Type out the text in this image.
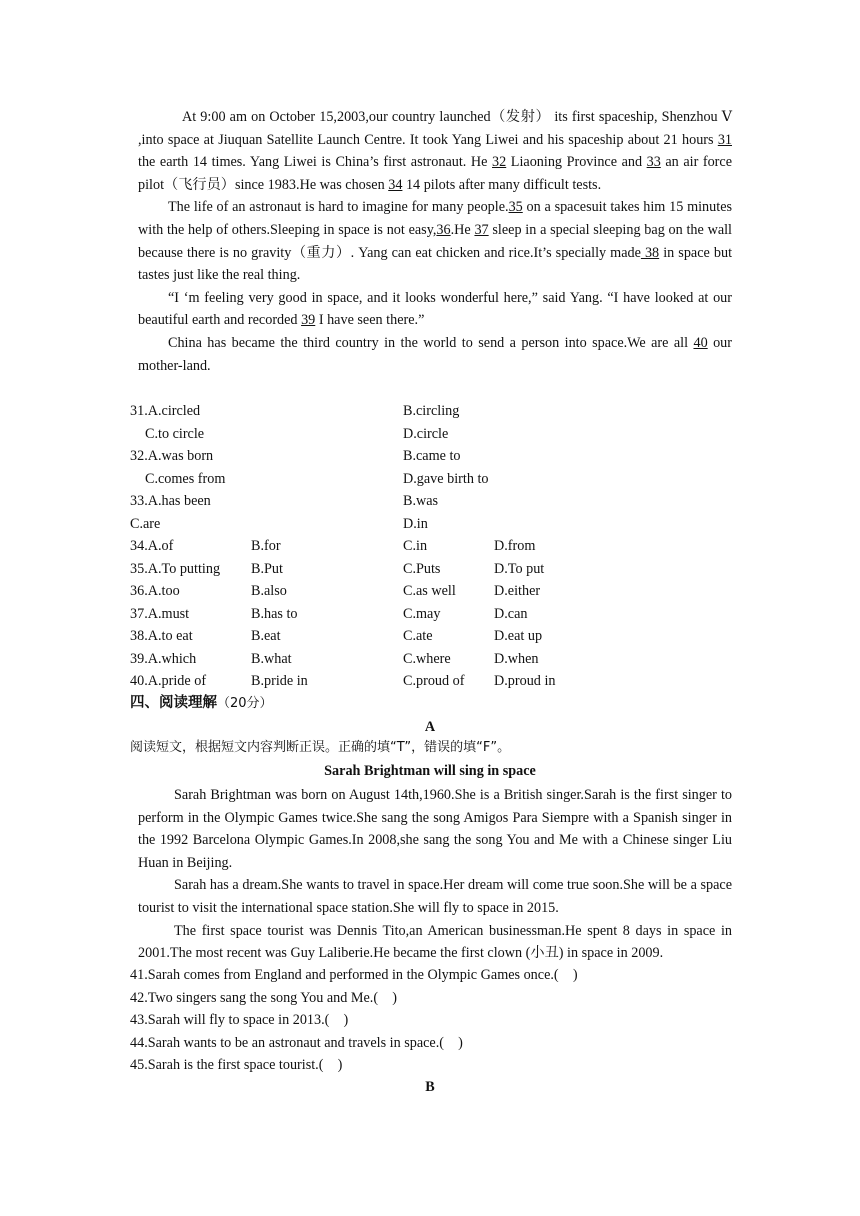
At 9:00 am on October 15,2003,our country launched（发射） its first spaceship, Shenzhou Ⅴ ,into space at Jiuquan Satellite Launch Centre. It took Yang Liwei and his spaceship about 21 hours 31 the earth 14 times. Yang Liwei is China’s first astronaut. He 32 Liaoning Province and 33 an air force pilot（飞行员）since 1983.He was chosen 34 14 pilots after many difficult tests.

The life of an astronaut is hard to imagine for many people.35 on a spacesuit takes him 15 minutes with the help of others.Sleeping in space is not easy,36.He 37 sleep in a special sleeping bag on the wall because there is no gravity（重力）. Yang can eat chicken and rice.It’s specially made 38 in space but tastes just like the real thing.

“I ‘m feeling very good in space, and it looks wonderful here,” said Yang. “I have looked at our beautiful earth and recorded 39 I have seen there.”

China has became the third country in the world to send a person into space.We are all 40 our mother-land.

31.A.circled	B.circling
C.to circle	D.circle
32.A.was born	B.came to
C.comes from	D.gave birth to
33.A.has been	B.was
C.are	D.in
34.A.of	B.for	C.in	D.from
35.A.To putting B.Put	C.Puts	D.To put
36.A.too	B.also	C.as well	D.either
37.A.must	B.has to	C.may	D.can
38.A.to eat	B.eat	C.ate	D.eat up
39.A.which	B.what	C.where	D.when
40.A.pride of	B.pride in	C.proud of D.proud in
四、阅读理解（20分）
A
阅读短文，根据短文内容判断正误。正确的填“T”，错误的填“F”。
Sarah Brightman will sing in space

Sarah Brightman was born on August 14th,1960.She is a British singer.Sarah is the first singer to perform in the Olympic Games twice.She sang the song Amigos Para Siempre with a Spanish singer in the 1992 Barcelona Olympic Games.In 2008,she sang the song You and Me with a Chinese singer Liu Huan in Beijing.

Sarah has a dream.She wants to travel in space.Her dream will come true soon.She will be a space tourist to visit the international space station.She will fly to space in 2015.

The first space tourist was Dennis Tito,an American businessman.He spent 8 days in space in 2001.The most recent was Guy Laliberie.He became the first clown (小丑) in space in 2009.

41.Sarah comes from England and performed in the Olympic Games once.(    )
42.Two singers sang the song You and Me.(    )
43.Sarah will fly to space in 2013.(    )
44.Sarah wants to be an astronaut and travels in space.(    )
45.Sarah is the first space tourist.(    )
B
